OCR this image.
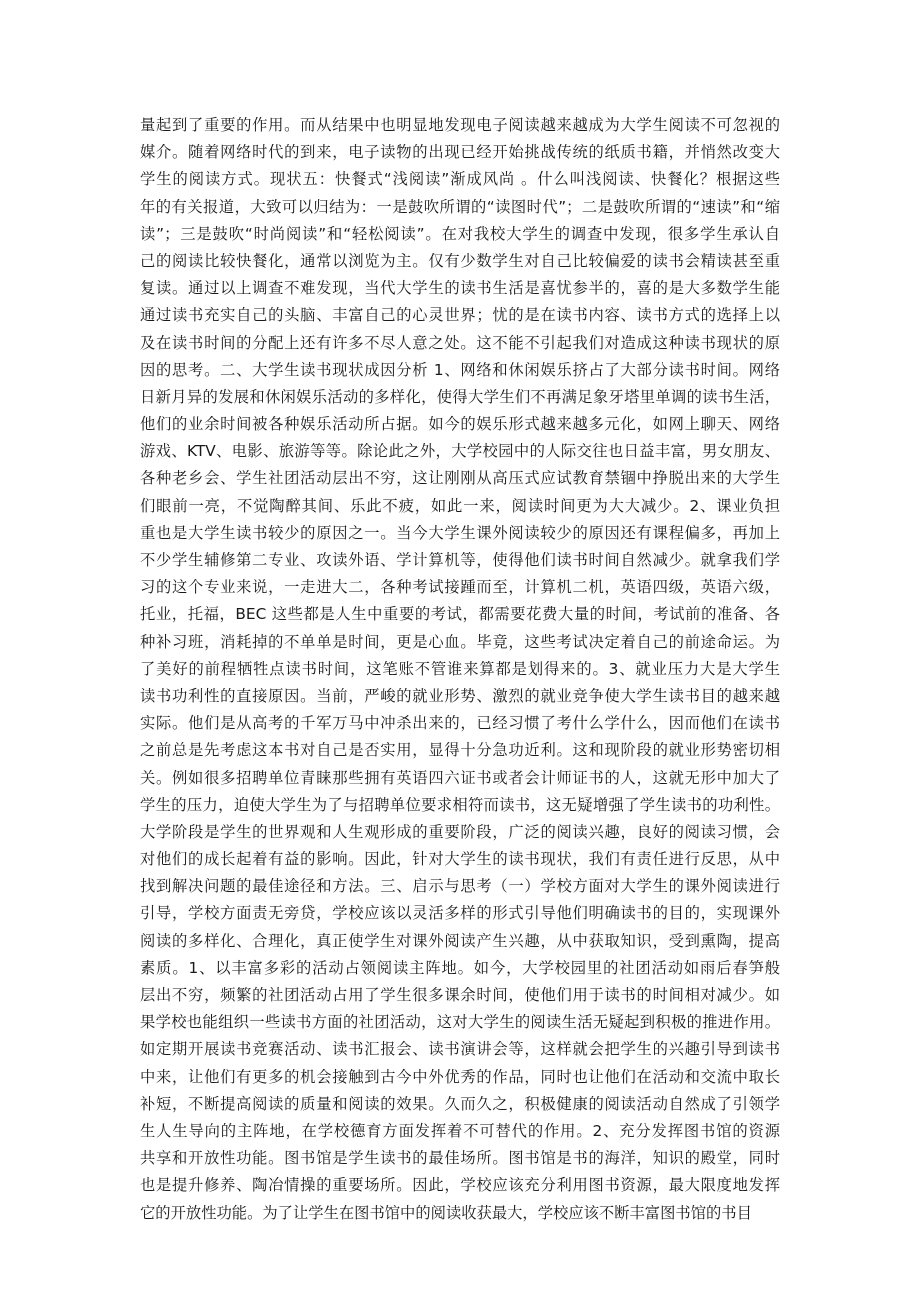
量起到了重要的作用。而从结果中也明显地发现电子阅读越来越成为大学生阅读不可忽视的
媒介。随着网络时代的到来，电子读物的出现已经开始挑战传统的纸质书籍，并悄然改变大
学生的阅读方式。现状五：快餐式“浅阅读”渐成风尚 。什么叫浅阅读、快餐化？根据这些
年的有关报道，大致可以归结为：一是鼓吹所谓的“读图时代”；二是鼓吹所谓的“速读”和“缩
读”；三是鼓吹“时尚阅读”和“轻松阅读”。在对我校大学生的调查中发现，很多学生承认自
己的阅读比较快餐化，通常以浏览为主。仅有少数学生对自己比较偏爱的读书会精读甚至重
复读。通过以上调查不难发现，当代大学生的读书生活是喜忧参半的，喜的是大多数学生能
通过读书充实自己的头脑、丰富自己的心灵世界；忧的是在读书内容、读书方式的选择上以
及在读书时间的分配上还有许多不尽人意之处。这不能不引起我们对造成这种读书现状的原
因的思考。二、大学生读书现状成因分析 1、网络和休闲娱乐挤占了大部分读书时间。网络
日新月异的发展和休闲娱乐活动的多样化，使得大学生们不再满足象牙塔里单调的读书生活，
他们的业余时间被各种娱乐活动所占据。如今的娱乐形式越来越多元化，如网上聊天、网络
游戏、KTV、电影、旅游等等。除论此之外，大学校园中的人际交往也日益丰富，男女朋友、
各种老乡会、学生社团活动层出不穷，这让刚刚从高压式应试教育禁锢中挣脱出来的大学生
们眼前一亮，不觉陶醉其间、乐此不疲，如此一来，阅读时间更为大大减少。2、课业负担
重也是大学生读书较少的原因之一。当今大学生课外阅读较少的原因还有课程偏多，再加上
不少学生辅修第二专业、攻读外语、学计算机等，使得他们读书时间自然减少。就拿我们学
习的这个专业来说，一走进大二，各种考试接踵而至，计算机二机，英语四级，英语六级，
托业，托福，BEC 这些都是人生中重要的考试，都需要花费大量的时间，考试前的准备、各
种补习班，消耗掉的不单单是时间，更是心血。毕竟，这些考试决定着自己的前途命运。为
了美好的前程牺牲点读书时间，这笔账不管谁来算都是划得来的。3、就业压力大是大学生
读书功利性的直接原因。当前，严峻的就业形势、激烈的就业竞争使大学生读书目的越来越
实际。他们是从高考的千军万马中冲杀出来的，已经习惯了考什么学什么，因而他们在读书
之前总是先考虑这本书对自己是否实用，显得十分急功近利。这和现阶段的就业形势密切相
关。例如很多招聘单位青睐那些拥有英语四六证书或者会计师证书的人，这就无形中加大了
学生的压力，迫使大学生为了与招聘单位要求相符而读书，这无疑增强了学生读书的功利性。
大学阶段是学生的世界观和人生观形成的重要阶段，广泛的阅读兴趣，良好的阅读习惯，会
对他们的成长起着有益的影响。因此，针对大学生的读书现状，我们有责任进行反思，从中
找到解决问题的最佳途径和方法。三、启示与思考（一）学校方面对大学生的课外阅读进行
引导，学校方面责无旁贷，学校应该以灵活多样的形式引导他们明确读书的目的，实现课外
阅读的多样化、合理化，真正使学生对课外阅读产生兴趣，从中获取知识，受到熏陶，提高
素质。1、以丰富多彩的活动占领阅读主阵地。如今，大学校园里的社团活动如雨后春笋般
层出不穷，频繁的社团活动占用了学生很多课余时间，使他们用于读书的时间相对减少。如
果学校也能组织一些读书方面的社团活动，这对大学生的阅读生活无疑起到积极的推进作用。
如定期开展读书竞赛活动、读书汇报会、读书演讲会等，这样就会把学生的兴趣引导到读书
中来，让他们有更多的机会接触到古今中外优秀的作品，同时也让他们在活动和交流中取长
补短，不断提高阅读的质量和阅读的效果。久而久之，积极健康的阅读活动自然成了引领学
生人生导向的主阵地，在学校德育方面发挥着不可替代的作用。2、充分发挥图书馆的资源
共享和开放性功能。图书馆是学生读书的最佳场所。图书馆是书的海洋，知识的殿堂，同时
也是提升修养、陶冶情操的重要场所。因此，学校应该充分利用图书资源，最大限度地发挥
它的开放性功能。为了让学生在图书馆中的阅读收获最大，学校应该不断丰富图书馆的书目
